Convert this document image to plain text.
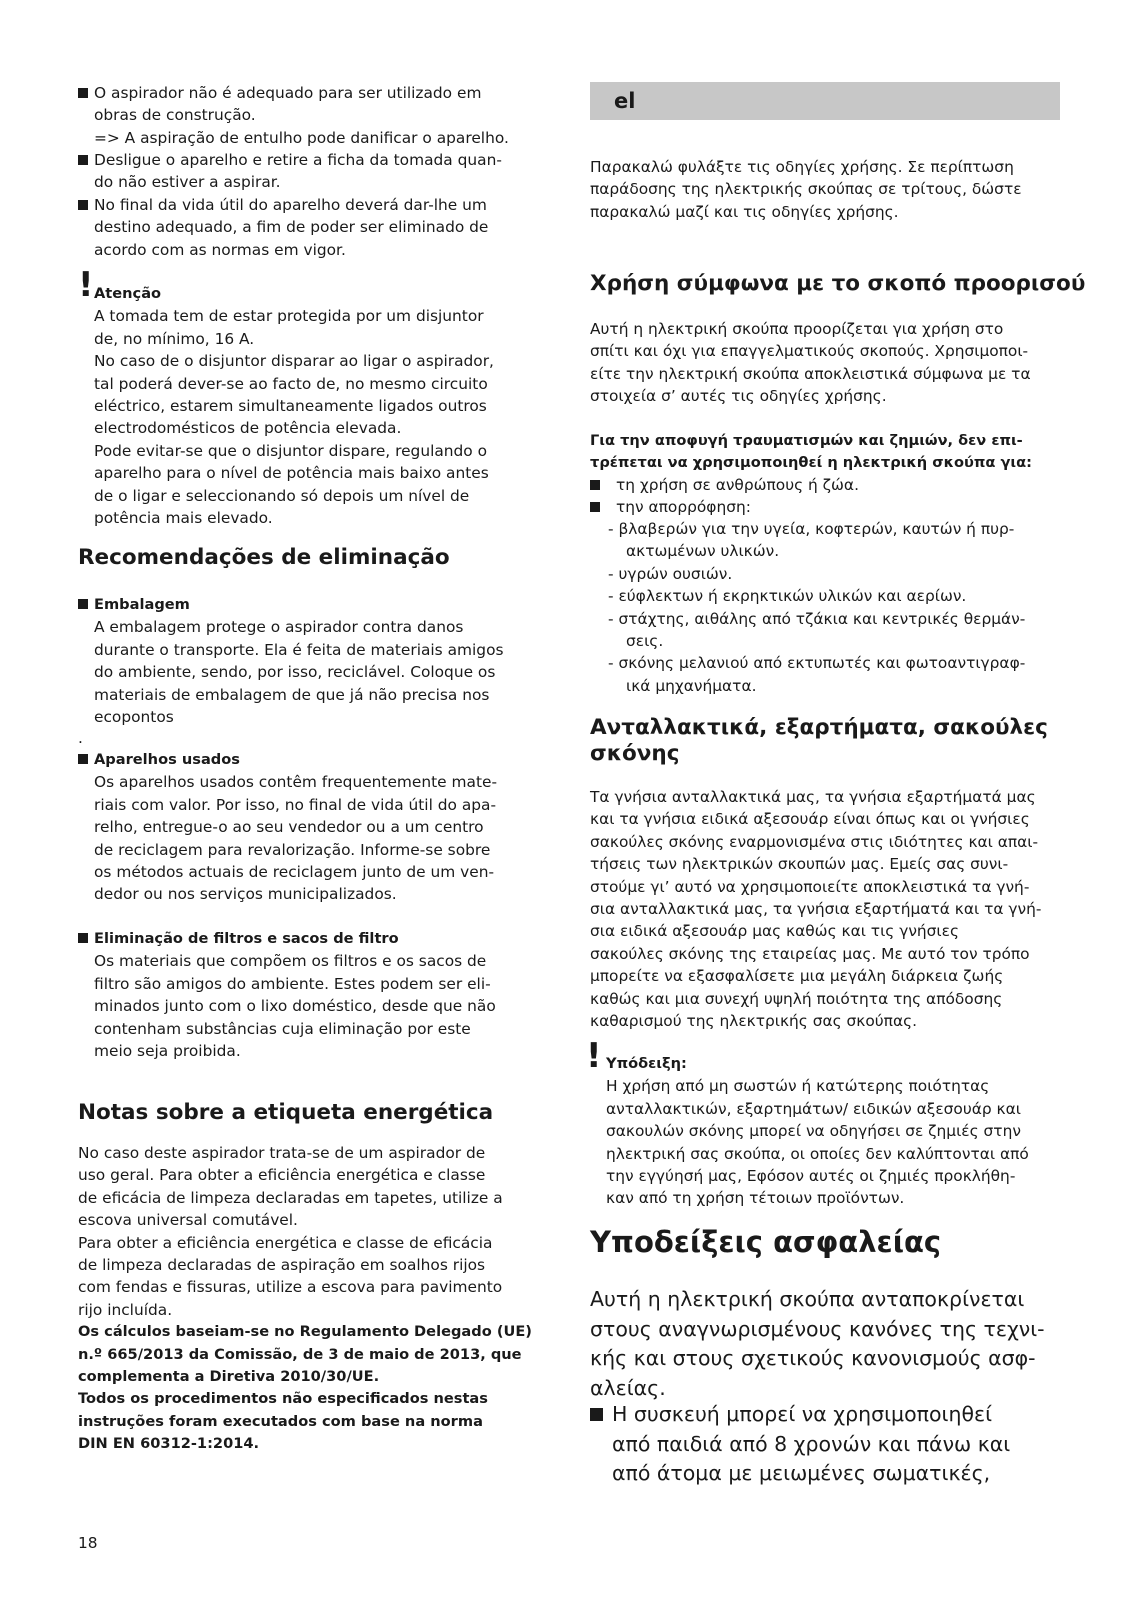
O aspirador não é adequado para ser utilizado em
obras de construção.
=> A aspiração de entulho pode danificar o aparelho.
Desligue o aparelho e retire a ficha da tomada quan-
do não estiver a aspirar.
No final da vida útil do aparelho deverá dar-lhe um
destino adequado, a fim de poder ser eliminado de
acordo com as normas em vigor.
! Atenção
A tomada tem de estar protegida por um disjuntor
de, no mínimo, 16 A.
No caso de o disjuntor disparar ao ligar o aspirador,
tal poderá dever-se ao facto de, no mesmo circuito
eléctrico, estarem simultaneamente ligados outros
electrodomésticos de potência elevada.
Pode evitar-se que o disjuntor dispare, regulando o
aparelho para o nível de potência mais baixo antes
de o ligar e seleccionando só depois um nível de
potência mais elevado.
Recomendações de eliminação
Embalagem
A embalagem protege o aspirador contra danos
durante o transporte. Ela é feita de materiais amigos
do ambiente, sendo, por isso, reciclável. Coloque os
materiais de embalagem de que já não precisa nos
ecopontos
.
Aparelhos usados
Os aparelhos usados contêm frequentemente mate-
riais com valor. Por isso, no final de vida útil do apa-
relho, entregue-o ao seu vendedor ou a um centro
de reciclagem para revalorização. Informe-se sobre
os métodos actuais de reciclagem junto de um ven-
dedor ou nos serviços municipalizados.
Eliminação de filtros e sacos de filtro
Os materiais que compõem os filtros e os sacos de
filtro são amigos do ambiente. Estes podem ser eli-
minados junto com o lixo doméstico, desde que não
contenham substâncias cuja eliminação por este
meio seja proibida.
Notas sobre a etiqueta energética
No caso deste aspirador trata-se de um aspirador de
uso geral. Para obter a eficiência energética e classe
de eficácia de limpeza declaradas em tapetes, utilize a
escova universal comutável.
Para obter a eficiência energética e classe de eficácia
de limpeza declaradas de aspiração em soalhos rijos
com fendas e fissuras, utilize a escova para pavimento
rijo incluída.
Os cálculos baseiam-se no Regulamento Delegado (UE)
n.º 665/2013 da Comissão, de 3 de maio de 2013, que
complementa a Diretiva 2010/30/UE.
Todos os procedimentos não especificados nestas
instruções foram executados com base na norma
DIN EN 60312-1:2014.
el
Παρακαλώ φυλάξτε τις οδηγίες χρήσης. Σε περίπτωση
παράδοσης της ηλεκτρικής σκούπας σε τρίτους, δώστε
παρακαλώ μαζί και τις οδηγίες χρήσης.
Χρήση σύμφωνα με το σκοπό προορισού
Αυτή η ηλεκτρική σκούπα προορίζεται για χρήση στο
σπίτι και όχι για επαγγελματικούς σκοπούς. Χρησιμοποι-
είτε την ηλεκτρική σκούπα αποκλειστικά σύμφωνα με τα
στοιχεία σ’ αυτές τις οδηγίες χρήσης.
Για την αποφυγή τραυματισμών και ζημιών, δεν επι-
τρέπεται να χρησιμοποιηθεί η ηλεκτρική σκούπα για:
τη χρήση σε ανθρώπους ή ζώα.
την απορρόφηση:
- βλαβερών για την υγεία, κοφτερών, καυτών ή πυρ-
ακτωμένων υλικών.
- υγρών ουσιών.
- εύφλεκτων ή εκρηκτικών υλικών και αερίων.
- στάχτης, αιθάλης από τζάκια και κεντρικές θερμάν-
σεις.
- σκόνης μελανιού από εκτυπωτές και φωτοαντιγραφ-
ικά μηχανήματα.
Ανταλλακτικά, εξαρτήματα, σακούλες
σκόνης
Τα γνήσια ανταλλακτικά μας, τα γνήσια εξαρτήματά μας
και τα γνήσια ειδικά αξεσουάρ είναι όπως και οι γνήσιες
σακούλες σκόνης εναρμονισμένα στις ιδιότητες και απαι-
τήσεις των ηλεκτρικών σκουπών μας. Εμείς σας συνι-
στούμε γι’ αυτό να χρησιμοποιείτε αποκλειστικά τα γνή-
σια ανταλλακτικά μας, τα γνήσια εξαρτήματά και τα γνή-
σια ειδικά αξεσουάρ μας καθώς και τις γνήσιες
σακούλες σκόνης της εταιρείας μας. Με αυτό τον τρόπο
μπορείτε να εξασφαλίσετε μια μεγάλη διάρκεια ζωής
καθώς και μια συνεχή υψηλή ποιότητα της απόδοσης
καθαρισμού της ηλεκτρικής σας σκούπας.
! Υπόδειξη:
Η χρήση από μη σωστών ή κατώτερης ποιότητας
ανταλλακτικών, εξαρτημάτων/ ειδικών αξεσουάρ και
σακουλών σκόνης μπορεί να οδηγήσει σε ζημιές στην
ηλεκτρική σας σκούπα, οι οποίες δεν καλύπτονται από
την εγγύησή μας, Εφόσον αυτές οι ζημιές προκλήθη-
καν από τη χρήση τέτοιων προϊόντων.
Υποδείξεις ασφαλείας
Αυτή η ηλεκτρική σκούπα ανταποκρίνεται
στους αναγνωρισμένους κανόνες της τεχνι-
κής και στους σχετικούς κανονισμούς ασφ-
αλείας.
Η συσκευή μπορεί να χρησιμοποιηθεί
από παιδιά από 8 χρονών και πάνω και
από άτομα με μειωμένες σωματικές,
18
